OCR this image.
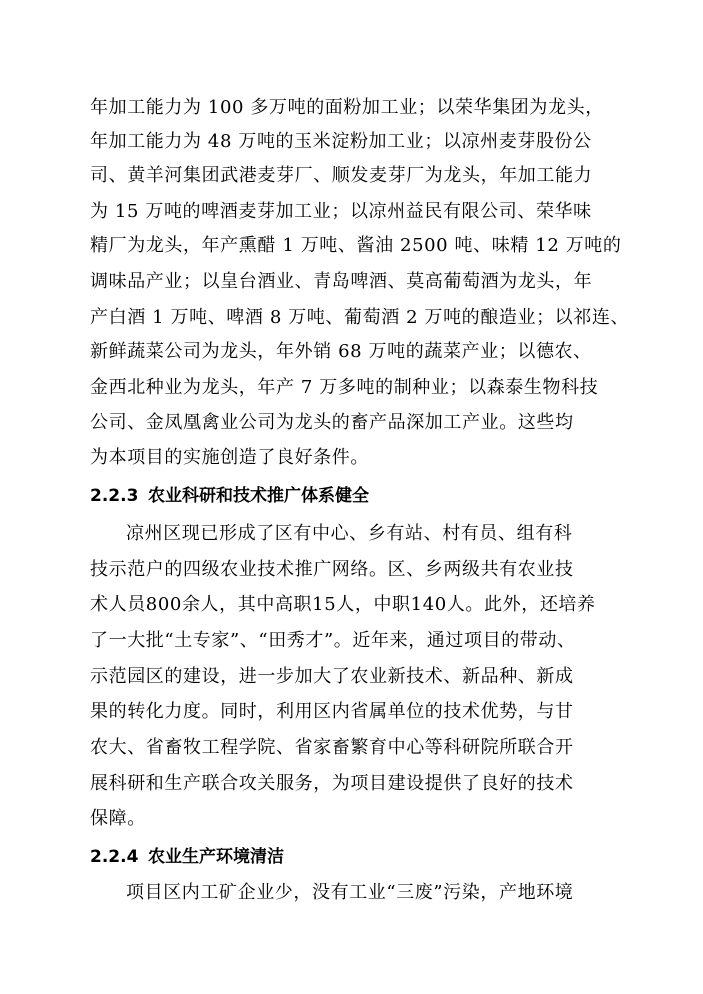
年加工能力为 100 多万吨的面粉加工业；以荣华集团为龙头，
年加工能力为 48 万吨的玉米淀粉加工业；以凉州麦芽股份公
司、黄羊河集团武港麦芽厂、顺发麦芽厂为龙头，年加工能力
为 15 万吨的啤酒麦芽加工业；以凉州益民有限公司、荣华味
精厂为龙头，年产熏醋 1 万吨、酱油 2500 吨、味精 12 万吨的
调味品产业；以皇台酒业、青岛啤酒、莫高葡萄酒为龙头，年
产白酒 1 万吨、啤酒 8 万吨、葡萄酒 2 万吨的酿造业；以祁连、
新鲜蔬菜公司为龙头，年外销 68 万吨的蔬菜产业；以德农、
金西北种业为龙头，年产 7 万多吨的制种业；以森泰生物科技
公司、金凤凰禽业公司为龙头的畜产品深加工产业。这些均
为本项目的实施创造了良好条件。
2.2.3 农业科研和技术推广体系健全
凉州区现已形成了区有中心、乡有站、村有员、组有科
技示范户的四级农业技术推广网络。区、乡两级共有农业技
术人员800余人，其中高职15人，中职140人。此外，还培养
了一大批“土专家”、“田秀才”。近年来，通过项目的带动、
示范园区的建设，进一步加大了农业新技术、新品种、新成
果的转化力度。同时，利用区内省属单位的技术优势，与甘
农大、省畜牧工程学院、省家畜繁育中心等科研院所联合开
展科研和生产联合攻关服务，为项目建设提供了良好的技术
保障。
2.2.4 农业生产环境清洁
项目区内工矿企业少，没有工业“三废”污染，产地环境
